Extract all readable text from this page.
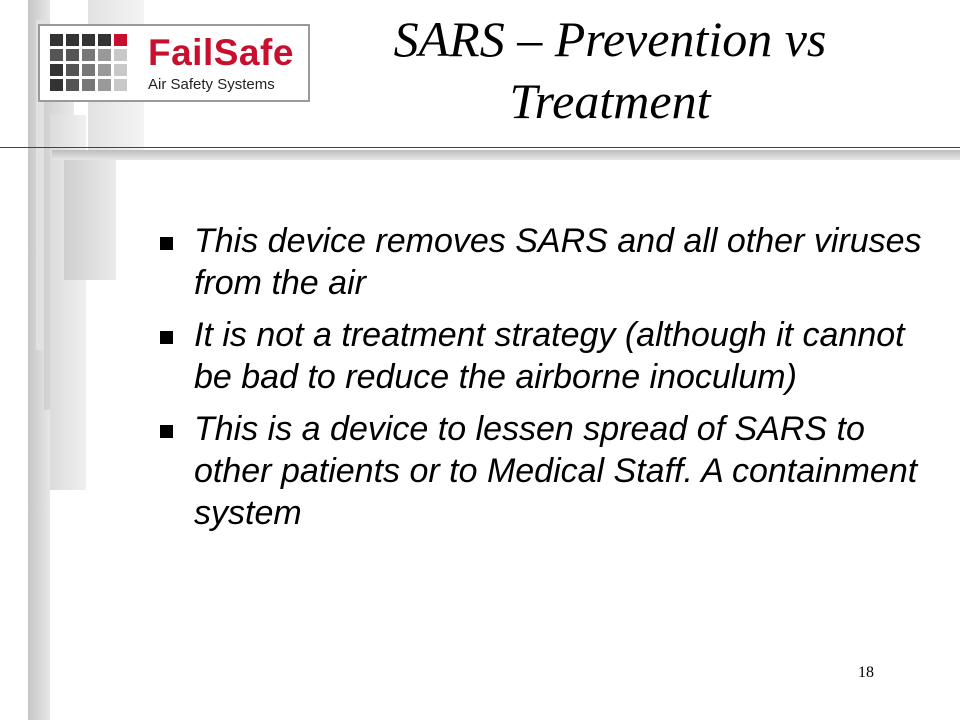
FailSafe
Air Safety Systems
SARS – Prevention vs
Treatment
This device removes SARS and all other viruses from the air
It is not a treatment strategy (although it cannot be bad to reduce the airborne inoculum)
This is a device to lessen spread of SARS to other patients or to Medical Staff. A containment system
18
